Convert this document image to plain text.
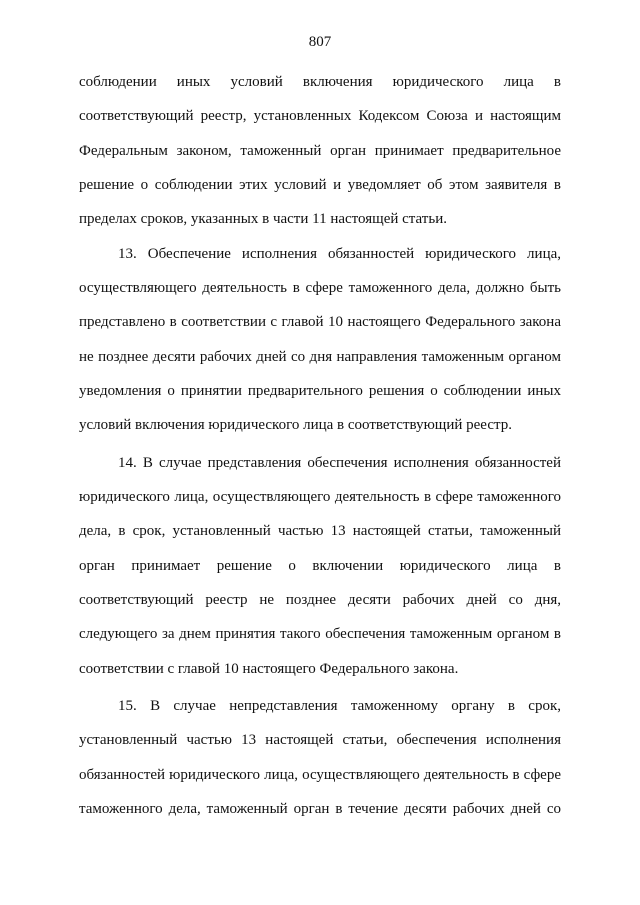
807
соблюдении иных условий включения юридического лица в
соответствующий реестр, установленных Кодексом Союза и настоящим
Федеральным законом, таможенный орган принимает предварительное
решение о соблюдении этих условий и уведомляет об этом заявителя в
пределах сроков, указанных в части 11 настоящей статьи.
13. Обеспечение исполнения обязанностей юридического лица,
осуществляющего деятельность в сфере таможенного дела, должно быть
представлено в соответствии с главой 10 настоящего Федерального закона
не позднее десяти рабочих дней со дня направления таможенным органом
уведомления о принятии предварительного решения о соблюдении иных
условий включения юридического лица в соответствующий реестр.
14. В случае представления обеспечения исполнения обязанностей
юридического лица, осуществляющего деятельность в сфере таможенного
дела, в срок, установленный частью 13 настоящей статьи, таможенный
орган принимает решение о включении юридического лица в
соответствующий реестр не позднее десяти рабочих дней со дня,
следующего за днем принятия такого обеспечения таможенным органом в
соответствии с главой 10 настоящего Федерального закона.
15. В случае непредставления таможенному органу в срок,
установленный частью 13 настоящей статьи, обеспечения исполнения
обязанностей юридического лица, осуществляющего деятельность в сфере
таможенного дела, таможенный орган в течение десяти рабочих дней со
